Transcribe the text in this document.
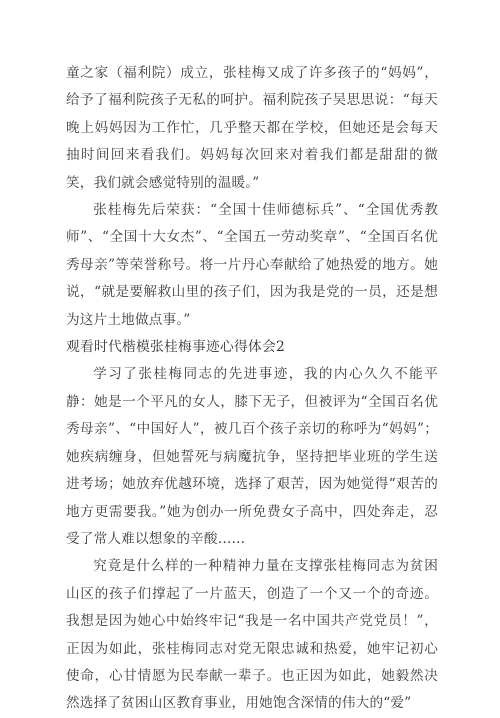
童之家（福利院）成立，张桂梅又成了许多孩子的“妈妈”，给予了福利院孩子无私的呵护。福利院孩子吴思思说：“每天晚上妈妈因为工作忙，几乎整天都在学校，但她还是会每天抽时间回来看我们。妈妈每次回来对着我们都是甜甜的微笑，我们就会感觉特别的温暖。”

张桂梅先后荣获：“全国十佳师德标兵”、“全国优秀教师”、“全国十大女杰”、“全国五一劳动奖章”、“全国百名优秀母亲”等荣誉称号。将一片丹心奉献给了她热爱的地方。她说，“就是要解救山里的孩子们，因为我是党的一员，还是想为这片土地做点事。”

观看时代楷模张桂梅事迹心得体会2

学习了张桂梅同志的先进事迹，我的内心久久不能平静：她是一个平凡的女人，膝下无子，但被评为“全国百名优秀母亲”、“中国好人”，被几百个孩子亲切的称呼为“妈妈”；她疾病缠身，但她誓死与病魔抗争，坚持把毕业班的学生送进考场；她放弃优越环境，选择了艰苦，因为她觉得“艰苦的地方更需要我。”她为创办一所免费女子高中，四处奔走，忍受了常人难以想象的辛酸……

究竟是什么样的一种精神力量在支撑张桂梅同志为贫困山区的孩子们撑起了一片蓝天，创造了一个又一个的奇迹。我想是因为她心中始终牢记“我是一名中国共产党党员！”，正因为如此，张桂梅同志对党无限忠诚和热爱，她牢记初心使命，心甘情愿为民奉献一辈子。也正因为如此，她毅然决然选择了贫困山区教育事业，用她饱含深情的伟大的“爱”
